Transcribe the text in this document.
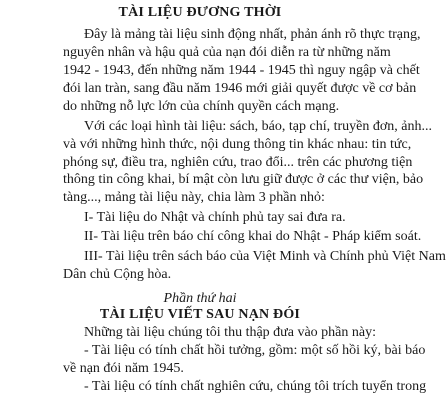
TÀI LIỆU ĐƯƠNG THỜI
Đây là mảng tài liệu sinh động nhất, phản ánh rõ thực trạng,
nguyên nhân và hậu quả của nạn đói diễn ra từ những năm
1942 - 1943, đến những năm 1944 - 1945 thì nguy ngập và chết
đói lan tràn, sang đầu năm 1946 mới giải quyết được về cơ bản
do những nỗ lực lớn của chính quyền cách mạng.
Với các loại hình tài liệu: sách, báo, tạp chí, truyền đơn, ảnh...
và với những hình thức, nội dung thông tin khác nhau: tin tức,
phóng sự, điều tra, nghiên cứu, trao đổi... trên các phương tiện
thông tin công khai, bí mật còn lưu giữ được ở các thư viện, bảo
tàng..., mảng tài liệu này, chia làm 3 phần nhỏ:
I- Tài liệu do Nhật và chính phủ tay sai đưa ra.
II- Tài liệu trên báo chí công khai do Nhật - Pháp kiểm soát.
III- Tài liệu trên sách báo của Việt Minh và Chính phủ Việt Nam
Dân chủ Cộng hòa.
Phần thứ hai
TÀI LIỆU VIẾT SAU NẠN ĐÓI
Những tài liệu chúng tôi thu thập đưa vào phần này:
- Tài liệu có tính chất hồi tưởng, gồm: một số hồi ký, bài báo
về nạn đói năm 1945.
- Tài liệu có tính chất nghiên cứu, chúng tôi trích tuyển trong
